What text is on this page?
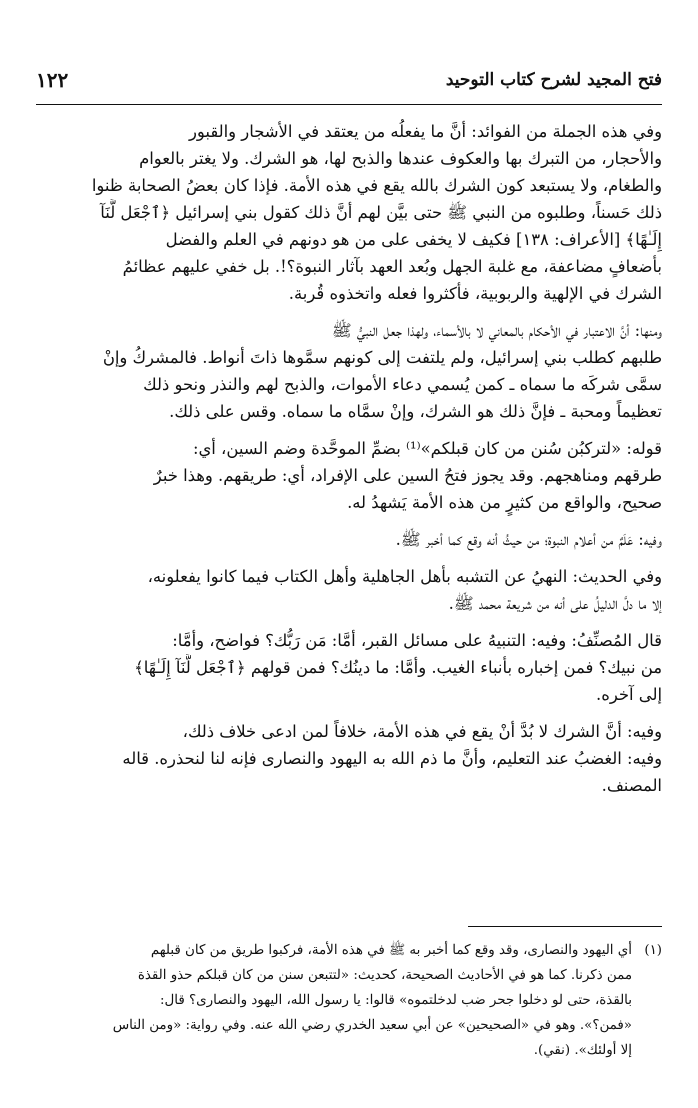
فتح المجيد لشرح كتاب التوحيد
١٢٢
وفي هذه الجملة من الفوائد: أنَّ ما يفعلُه من يعتقد في الأشجار والقبور
والأحجار، من التبرك بها والعكوف عندها والذبح لها، هو الشرك. ولا يغتر بالعوام
والطغام، ولا يستبعد كون الشرك بالله يقع في هذه الأمة. فإذا كان بعضُ الصحابة ظنوا
ذلك حَسناً، وطلبوه من النبي ﷺ حتى بيَّن لهم أنَّ ذلك كقول بني إسرائيل ﴿ٱجْعَل لَّنَآ
إِلَـٰهًا﴾ [الأعراف: ١٣٨] فكيف لا يخفى على من هو دونهم في العلم والفضل
بأضعافٍ مضاعفة، مع غلبة الجهل وبُعد العهد بآثار النبوة؟!. بل خفي عليهم عظائمُ
الشرك في الإلهية والربوبية، فأكثروا فعله واتخذوه قُربة.
ومنها: أنَّ الاعتبار في الأحكام بالمعاني لا بالأسماء، ولهذا جعل النبيُّ ﷺ
طلبهم كطلب بني إسرائيل، ولم يلتفت إلى كونهم سمَّوها ذاتَ أنواط. فالمشركُ وإنْ
سمَّى شركَه ما سماه ـ كمن يُسمي دعاء الأموات، والذبح لهم والنذر ونحو ذلك
تعظيماً ومحبة ـ فإنَّ ذلك هو الشرك، وإنْ سمَّاه ما سماه. وقس على ذلك.
قوله: «لتركبُن سُنن من كان قبلكم»⁽¹⁾ بضمِّ الموحَّدة وضم السين، أي:
طرقهم ومناهجهم. وقد يجوز فتحُ السين على الإفراد، أي: طريقهم. وهذا خبرٌ
صحيح، والواقع من كثيرٍ من هذه الأمة يَشهدُ له.
وفيه: عَلَمٌ من أعلام النبوة؛ من حيثُ أنه وقع كما أخبر ﷺ.
وفي الحديث: النهيُ عن التشبه بأهل الجاهلية وأهل الكتاب فيما كانوا يفعلونه،
إلا ما دلَّ الدليلُ على أنه من شريعة محمد ﷺ.
قال المُصنِّفُ: وفيه: التنبيهُ على مسائل القبر، أمَّا: مَن رَبُّك؟ فواضح، وأمَّا:
من نبيك؟ فمن إخباره بأنباء الغيب. وأمَّا: ما دينُك؟ فمن قولهم ﴿ٱجْعَل لَّنَآ إِلَـٰهًا﴾
إلى آخره.
وفيه: أنَّ الشرك لا بُدَّ أنْ يقع في هذه الأمة، خلافاً لمن ادعى خلاف ذلك،
وفيه: الغضبُ عند التعليم، وأنَّ ما ذم الله به اليهود والنصارى فإنه لنا لنحذره. قاله
المصنف.
(١)
أي اليهود والنصارى، وقد وقع كما أخبر به ﷺ في هذه الأمة، فركبوا طريق من كان قبلهم
ممن ذكرنا. كما هو في الأحاديث الصحيحة، كحديث: «لتتبعن سنن من كان قبلكم حذو القذة
بالقذة، حتى لو دخلوا جحر ضب لدخلتموه» قالوا: يا رسول الله، اليهود والنصارى؟ قال:
«فمن؟». وهو في «الصحيحين» عن أبي سعيد الخدري رضي الله عنه. وفي رواية: «ومن الناس
إلا أولئك». (نقي).
